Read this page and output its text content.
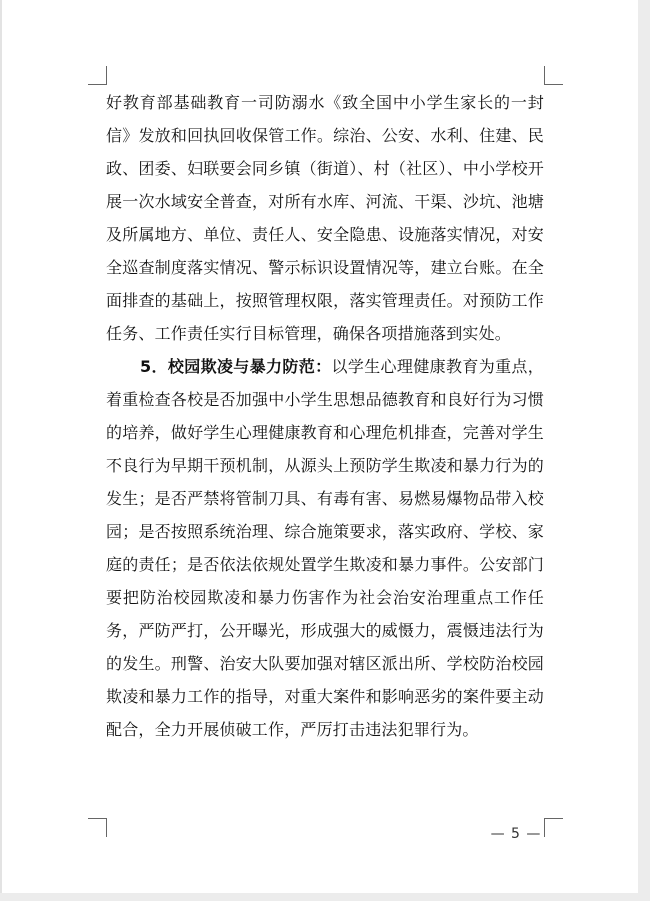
好教育部基础教育一司防溺水《致全国中小学生家长的一封信》发放和回执回收保管工作。综治、公安、水利、住建、民政、团委、妇联要会同乡镇（街道）、村（社区）、中小学校开展一次水域安全普查，对所有水库、河流、干渠、沙坑、池塘及所属地方、单位、责任人、安全隐患、设施落实情况，对安全巡查制度落实情况、警示标识设置情况等，建立台账。在全面排查的基础上，按照管理权限，落实管理责任。对预防工作任务、工作责任实行目标管理，确保各项措施落到实处。

5．校园欺凌与暴力防范：以学生心理健康教育为重点，着重检查各校是否加强中小学生思想品德教育和良好行为习惯的培养，做好学生心理健康教育和心理危机排查，完善对学生不良行为早期干预机制，从源头上预防学生欺凌和暴力行为的发生；是否严禁将管制刀具、有毒有害、易燃易爆物品带入校园；是否按照系统治理、综合施策要求，落实政府、学校、家庭的责任；是否依法依规处置学生欺凌和暴力事件。公安部门要把防治校园欺凌和暴力伤害作为社会治安治理重点工作任务，严防严打，公开曝光，形成强大的威慑力，震慑违法行为的发生。刑警、治安大队要加强对辖区派出所、学校防治校园欺凌和暴力工作的指导，对重大案件和影响恶劣的案件要主动配合，全力开展侦破工作，严厉打击违法犯罪行为。

— 5 —
